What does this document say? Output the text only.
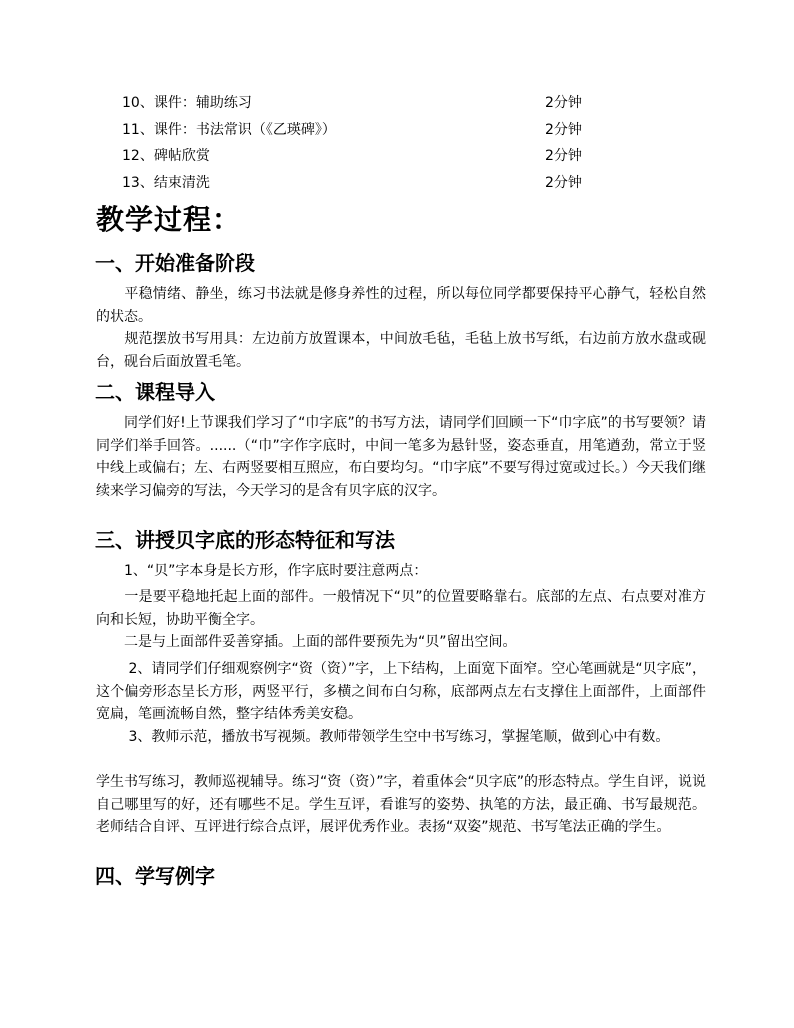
10、课件：辅助练习	2分钟
11、课件：书法常识（《乙瑛碑》）	2分钟
12、碑帖欣赏	2分钟
13、结束清洗	2分钟
教学过程：
一、开始准备阶段
　　平稳情绪、静坐，练习书法就是修身养性的过程，所以每位同学都要保持平心静气，轻松自然的状态。
　　规范摆放书写用具：左边前方放置课本，中间放毛毡，毛毡上放书写纸，右边前方放水盘或砚台，砚台后面放置毛笔。
二、课程导入
　　同学们好!上节课我们学习了“巾字底”的书写方法，请同学们回顾一下“巾字底”的书写要领？请同学们举手回答。......（“巾”字作字底时，中间一笔多为悬针竖，姿态垂直，用笔遒劲，常立于竖中线上或偏右；左、右两竖要相互照应，布白要均匀。“巾字底”不要写得过宽或过长。）今天我们继续来学习偏旁的写法，今天学习的是含有贝字底的汉字。
三、讲授贝字底的形态特征和写法
　　1、“贝”字本身是长方形，作字底时要注意两点：
　　一是要平稳地托起上面的部件。一般情况下“贝”的位置要略靠右。底部的左点、右点要对准方向和长短，协助平衡全字。
　　二是与上面部件妥善穿插。上面的部件要预先为“贝”留出空间。
　　 2、请同学们仔细观察例字“资（资）”字，上下结构，上面宽下面窄。空心笔画就是“贝字底”，这个偏旁形态呈长方形，两竖平行，多横之间布白匀称，底部两点左右支撑住上面部件，上面部件宽扁，笔画流畅自然，整字结体秀美安稳。
　　 3、教师示范，播放书写视频。教师带领学生空中书写练习，掌握笔顺，做到心中有数。
学生书写练习，教师巡视辅导。练习“资（资）”字，着重体会“贝字底”的形态特点。学生自评，说说自己哪里写的好，还有哪些不足。学生互评，看谁写的姿势、执笔的方法，最正确、书写最规范。老师结合自评、互评进行综合点评，展评优秀作业。表扬“双姿”规范、书写笔法正确的学生。
四、学写例字
